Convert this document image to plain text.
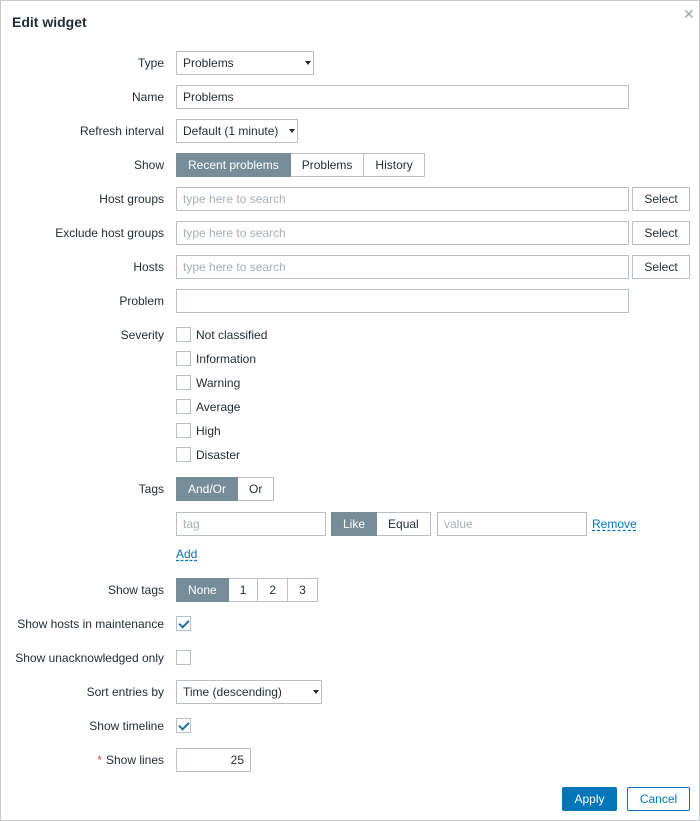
Edit widget	✕
Type	Problems
Name	Problems
Refresh interval	Default (1 minute)
Show	Recent problems	Problems	History
Host groups	type here to search	Select
Exclude host groups	type here to search	Select
Hosts	type here to search	Select
Problem
Severity	Not classified
Information
Warning
Average
High
Disaster
Tags	And/Or	Or
tag	Like	Equal	value	Remove
Add
Show tags	None	1	2	3
Show hosts in maintenance
Show unacknowledged only
Sort entries by	Time (descending)
Show timeline
* Show lines	25
Apply	Cancel
